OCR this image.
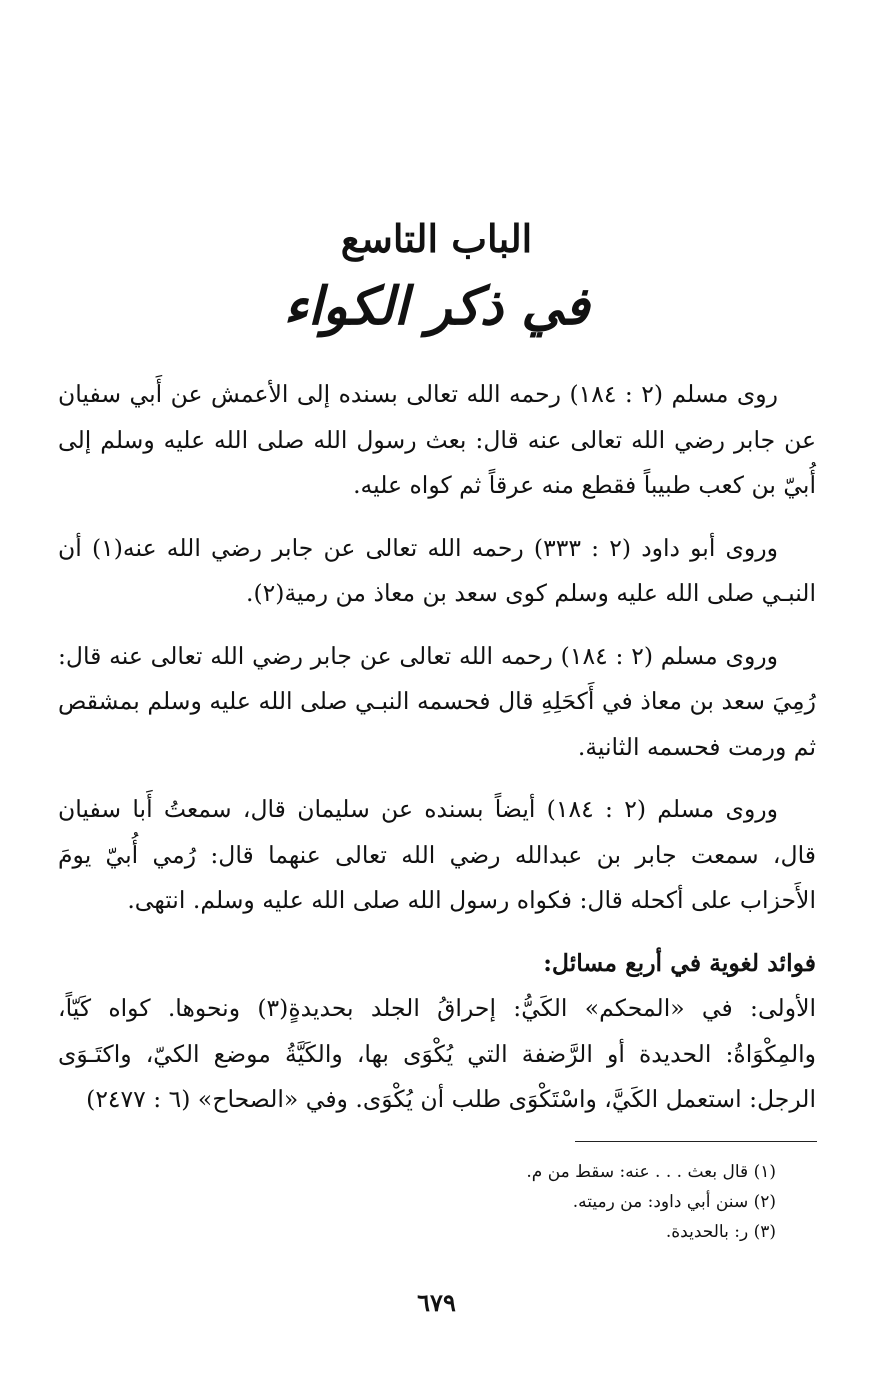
الباب التاسع
في ذكر الكواء

روى مسلم (٢ : ١٨٤) رحمه الله تعالى بسنده إلى الأعمش عن أَبي سفيان عن جابر رضي الله تعالى عنه قال: بعث رسول الله صلى الله عليه وسلم إلى أُبيّ بن كعب طبيباً فقطع منه عرقاً ثم كواه عليه.

وروى أبو داود (٢ : ٣٣٣) رحمه الله تعالى عن جابر رضي الله عنه(١) أن النبـي صلى الله عليه وسلم كوى سعد بن معاذ من رمية(٢).

وروى مسلم (٢ : ١٨٤) رحمه الله تعالى عن جابر رضي الله تعالى عنه قال: رُمِيَ سعد بن معاذ في أَكحَلِهِ قال فحسمه النبـي صلى الله عليه وسلم بمشقص ثم ورمت فحسمه الثانية.

وروى مسلم (٢ : ١٨٤) أيضاً بسنده عن سليمان قال، سمعتُ أَبا سفيان قال، سمعت جابر بن عبدالله رضي الله تعالى عنهما قال: رُمي أُبيّ يومَ الأَحزاب على أكحله قال: فكواه رسول الله صلى الله عليه وسلم. انتهى.

فوائد لغوية في أربع مسائل:

الأولى: في «المحكم» الكَيُّ: إحراقُ الجلد بحديدةٍ(٣) ونحوها. كواه كَيّاً، والمِكْوَاةُ: الحديدة أو الرَّضفة التي يُكْوَى بها، والكَيَّةُ موضع الكيّ، واكتَـوَى الرجل: استعمل الكَيَّ، واسْتَكْوَى طلب أن يُكْوَى. وفي «الصحاح» (٦ : ٢٤٧٧)

(١) قال بعث . . . عنه: سقط من م.

(٢) سنن أبي داود: من رميته.

(٣) ر: بالحديدة.

٦٧٩
